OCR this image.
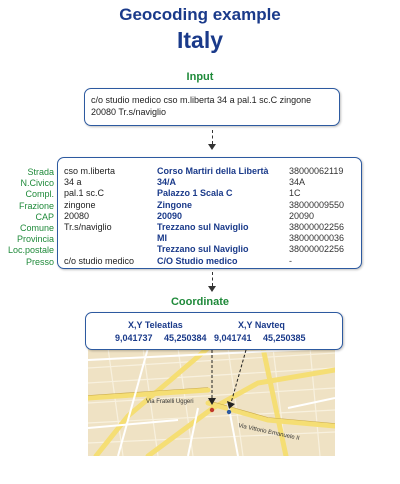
Geocoding example
Italy
Input
c/o studio medico cso m.liberta 34 a pal.1 sc.C zingone
20080 Tr.s/naviglio
Strada
N.Civico
Compl.
Frazione
CAP
Comune
Provincia
Loc.postale
Presso
cso m.liberta
34 a
pal.1 sc.C
zingone
20080
Tr.s/naviglio
c/o studio medico
Corso Martiri della Libertà
34/A
Palazzo 1 Scala C
Zingone
20090
Trezzano sul Naviglio
MI
Trezzano sul Naviglio
C/O Studio medico
38000062119
34A
1C
38000009550
20090
38000002256
38000000036
38000002256
-
Coordinate
Via Fratelli Uggeri
Via Vittorio Emanuele II
X,Y Teleatlas	X,Y Navteq
9,041737 45,250384 9,041741 45,250385
